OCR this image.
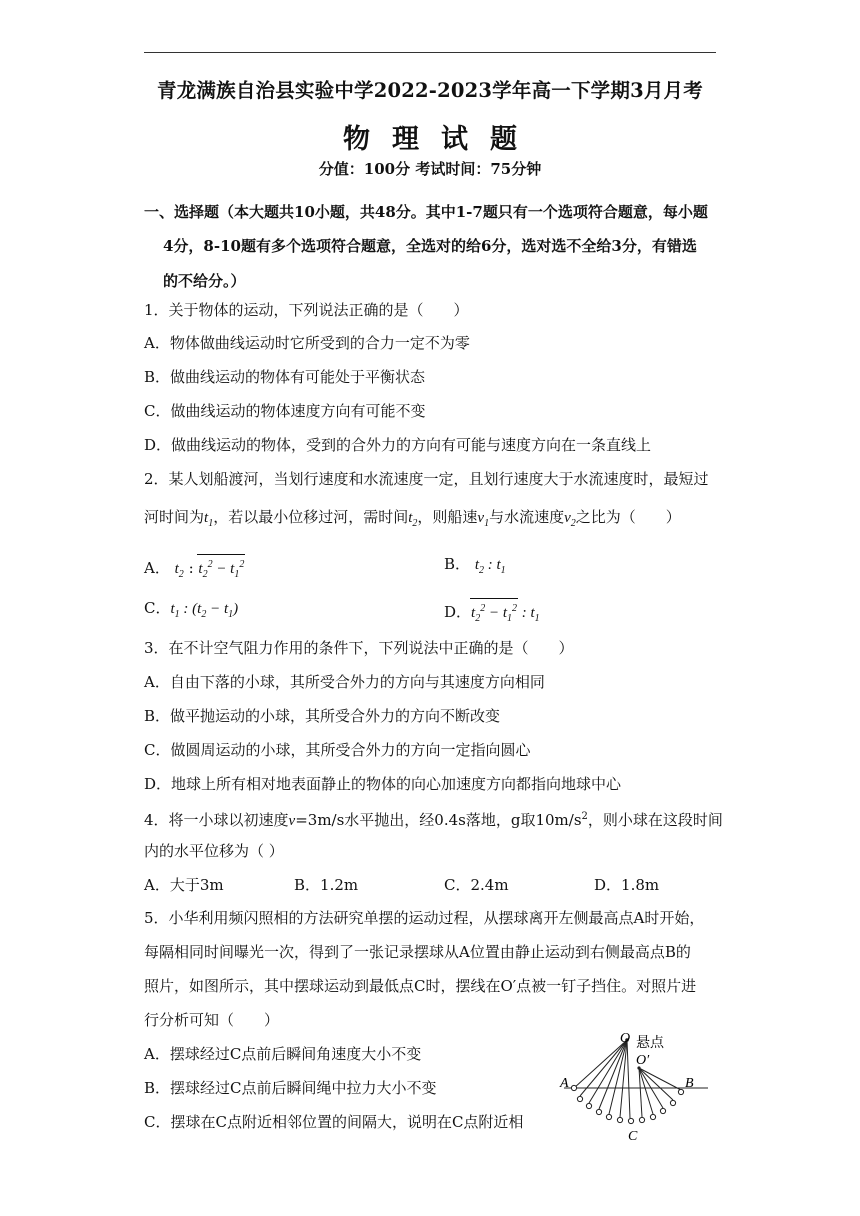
青龙满族自治县实验中学2022-2023学年高一下学期3月月考
物理试题
分值：100分 考试时间：75分钟
一、选择题（本大题共10小题，共48分。其中1-7题只有一个选项符合题意，每小题
4分，8-10题有多个选项符合题意，全选对的给6分，选对选不全给3分，有错选
的不给分。）
1．关于物体的运动，下列说法正确的是（　　）
A．物体做曲线运动时它所受到的合力一定不为零
B．做曲线运动的物体有可能处于平衡状态
C．做曲线运动的物体速度方向有可能不变
D．做曲线运动的物体，受到的合外力的方向有可能与速度方向在一条直线上
2．某人划船渡河，当划行速度和水流速度一定，且划行速度大于水流速度时，最短过
河时间为$t_1$，若以最小位移过河，需时间$t_2$，则船速$v_1$与水流速度$v_2$之比为（　　）
A． $t_2$ : $t_2^2 - t_1^2$	B． $t_2$ : $t_1$
C．$t_1$ : $(t_2 - t_1)$	D．$t_2^2 - t_1^2$ : $t_1$
3．在不计空气阻力作用的条件下，下列说法中正确的是（　　）
A．自由下落的小球，其所受合外力的方向与其速度方向相同
B．做平抛运动的小球，其所受合外力的方向不断改变
C．做圆周运动的小球，其所受合外力的方向一定指向圆心
D．地球上所有相对地表面静止的物体的向心加速度方向都指向地球中心
4．将一小球以初速度v=3m/s水平抛出，经0.4s落地，g取$10m/s^2$，则小球在这段时间
内的水平位移为（ ）
A．大于3m	B．1.2m	C．2.4m	D．1.8m
5．小华利用频闪照相的方法研究单摆的运动过程，从摆球离开左侧最高点A时开始，
每隔相同时间曝光一次，得到了一张记录摆球从A位置由静止运动到右侧最高点B的
照片，如图所示，其中摆球运动到最低点C时，摆线在O′点被一钉子挡住。对照片进
行分析可知（　　）
A．摆球经过C点前后瞬间角速度大小不变
B．摆球经过C点前后瞬间绳中拉力大小不变
C．摆球在C点附近相邻位置的间隔大，说明在C点附近相
O 悬点
O′
A	B
C
